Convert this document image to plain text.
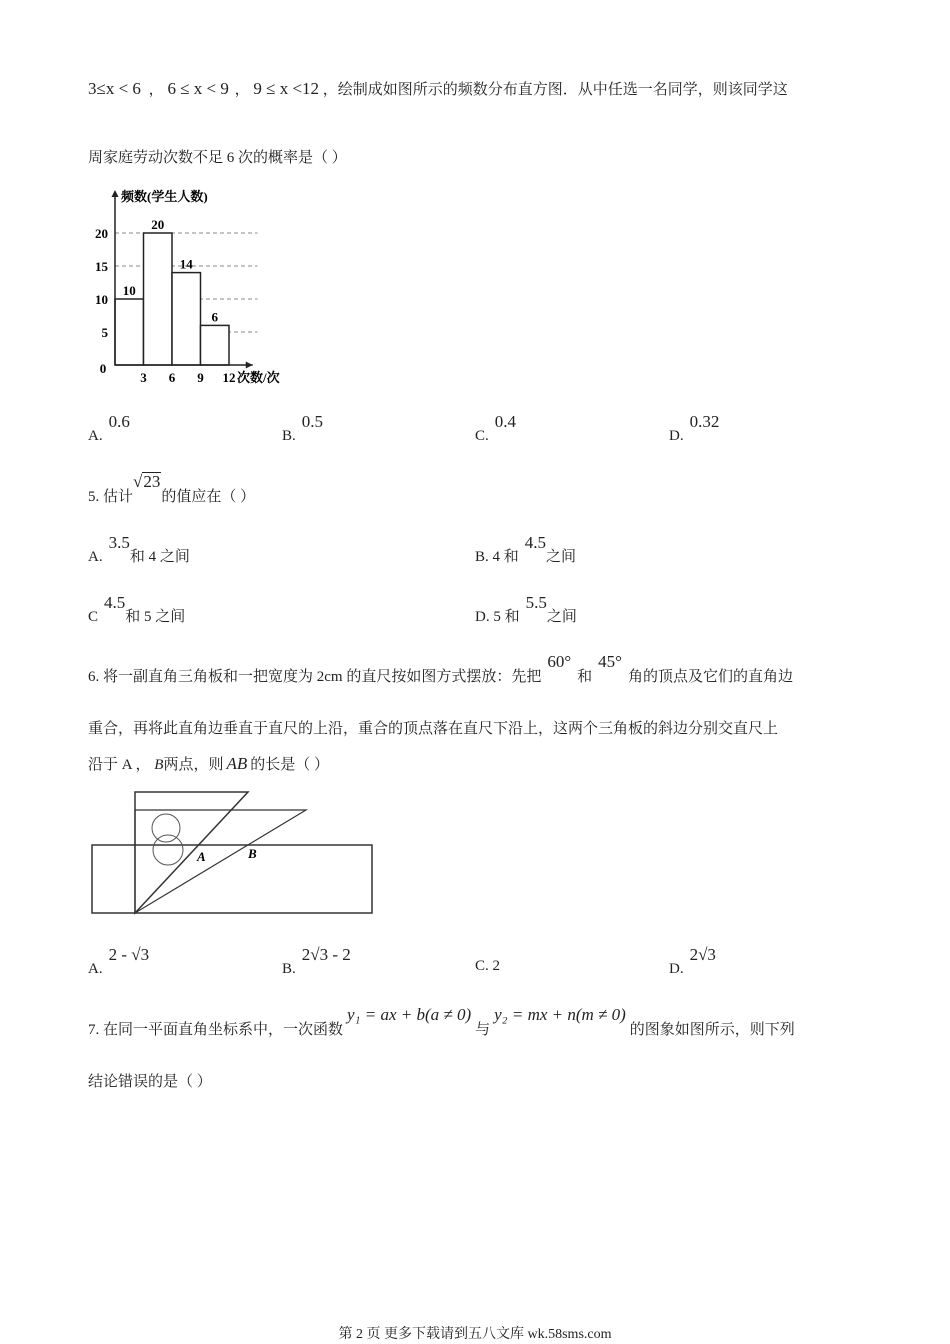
3≤x < 6 ， 6 ≤ x < 9 ， 9 ≤ x <12 ，绘制成如图所示的频数分布直方图．从中任选一名同学，则该同学这
周家庭劳动次数不足 6 次的概率是（ ）
10
20
14
6
5
10
15
20
0
3 6 9 12 次数/次
频数(学生人数)
A.0.6
B.0.5
C.0.4
D.0.32
5. 估计√23的值应在（ ）
A.3.5和 4 之间	B. 4 和4.5之间
C4.5和 5 之间	D. 5 和5.5之间
6. 将一副直角三角板和一把宽度为 2cm 的直尺按如图方式摆放：先把60°和45°角的顶点及它们的直角边
重合，再将此直角边垂直于直尺的上沿，重合的顶点落在直尺下沿上，这两个三角板的斜边分别交直尺上
沿于 A ， B两点，则 AB 的长是（ ）
A	B
A.2 - √3
B.2√3 - 2
C. 2	D.2√3
7. 在同一平面直角坐标系中，一次函数y₁ = ax + b(a ≠ 0)与y₂ = mx + n(m ≠ 0)的图象如图所示，则下列
结论错误的是（ ）
第 2 页 更多下载请到五八文库 wk.58sms.com
